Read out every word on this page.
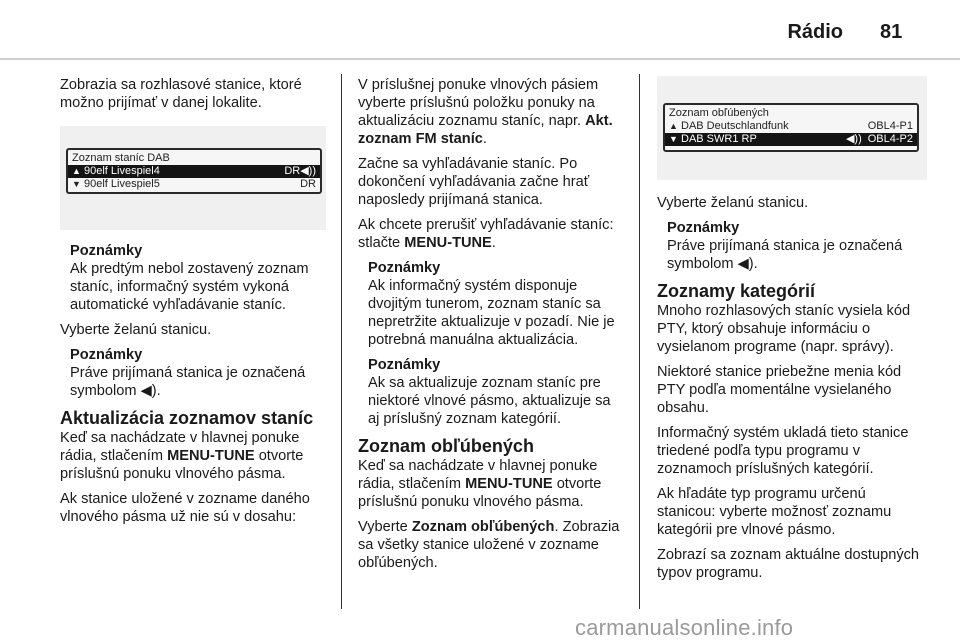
Rádio 81

Zobrazia sa rozhlasové stanice, ktoré možno prijímať v danej lokalite.

Zoznam staníc DAB
▲ 90elf Livespiel4	DR ◀))
▼ 90elf Livespiel5	DR
Poznámky
Ak predtým nebol zostavený zoznam staníc, informačný systém vykoná automatické vyhľadávanie staníc.

Vyberte želanú stanicu.

Poznámky
Práve prijímaná stanica je označená symbolom ◀).
Aktualizácia zoznamov staníc

Keď sa nachádzate v hlavnej ponuke rádia, stlačením MENU-TUNE otvorte príslušnú ponuku vlnového pásma.

Ak stanice uložené v zozname daného vlnového pásma už nie sú v dosahu:

V príslušnej ponuke vlnových pásiem vyberte príslušnú položku ponuky na aktualizáciu zoznamu staníc, napr. Akt. zoznam FM staníc.

Začne sa vyhľadávanie staníc. Po dokončení vyhľadávania začne hrať naposledy prijímaná stanica.

Ak chcete prerušiť vyhľadávanie staníc: stlačte MENU-TUNE.

Poznámky
Ak informačný systém disponuje dvojitým tunerom, zoznam staníc sa nepretržite aktualizuje v pozadí. Nie je potrebná manuálna aktualizácia.
Poznámky
Ak sa aktualizuje zoznam staníc pre niektoré vlnové pásmo, aktualizuje sa aj príslušný zoznam kategórií.
Zoznam obľúbených

Keď sa nachádzate v hlavnej ponuke rádia, stlačením MENU-TUNE otvorte príslušnú ponuku vlnového pásma.

Vyberte Zoznam obľúbených. Zobrazia sa všetky stanice uložené v zozname obľúbených.

Zoznam obľúbených
▲ DAB Deutschlandfunk	OBL4-P1
▼ DAB SWR1 RP	◀)) OBL4-P2

Vyberte želanú stanicu.

Poznámky
Práve prijímaná stanica je označená symbolom ◀).
Zoznamy kategórií

Mnoho rozhlasových staníc vysiela kód PTY, ktorý obsahuje informáciu o vysielanom programe (napr. správy).

Niektoré stanice priebežne menia kód PTY podľa momentálne vysielaného obsahu.

Informačný systém ukladá tieto stanice triedené podľa typu programu v zoznamoch príslušných kategórií.

Ak hľadáte typ programu určenú stanicou: vyberte možnosť zoznamu kategórii pre vlnové pásmo.

Zobrazí sa zoznam aktuálne dostupných typov programu.

carmanualsonline.info
